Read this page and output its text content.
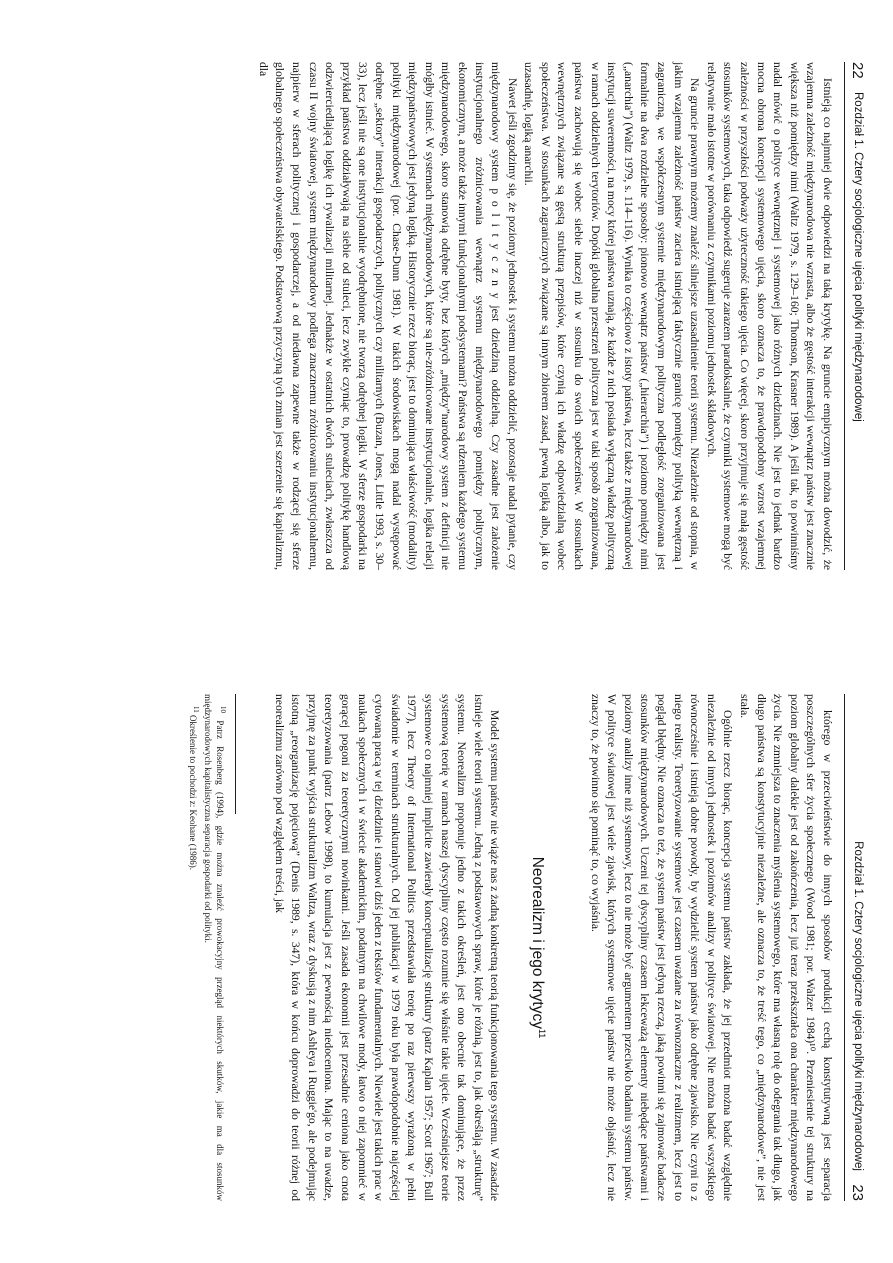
22
Rozdział 1. Cztery socjologiczne ujęcia polityki międzynarodowej

Istnieją co najmniej dwie odpowiedzi na taką krytykę. Na gruncie empirycznym można dowodzić, że wzajemna zależność międzynarodowa nie wzrasta, albo że gęstość interakcji wewnątrz państw jest znacznie większa niż pomiędzy nimi (Waltz 1979, s. 129–160; Thomson, Krasner 1989). A jeśli tak, to powinniśmy nadal mówić o polityce wewnętrznej i systemowej jako różnych dziedzinach. Nie jest to jednak bardzo mocna obrona koncepcji systemowego ujęcia, skoro oznacza to, że prawdopodobny wzrost wzajemnej zależności w przyszłości podważy użyteczność takiego ujęcia. Co więcej, skoro przyjmuje się małą gęstość stosunków systemowych, taka odpowiedź sugeruje zarazem paradoksalnie, że czynniki systemowe mogą być relatywnie mało istotne w porównaniu z czynnikami poziomu jednostek składowych.

Na gruncie prawnym możemy znaleźć silniejsze uzasadnienie teorii systemu. Niezależnie od stopnia, w jakim wzajemna zależność państw zaciera istniejącą faktycznie granicę pomiędzy polityką wewnętrzną i zagraniczną, we współczesnym systemie międzynarodowym polityczna podległość zorganizowana jest formalnie na dwa rozdzielne sposoby: pionowo wewnątrz państw („hierarchia”) i poziomo pomiędzy nimi („anarchia”) (Waltz 1979, s. 114–116). Wynika to częściowo z istoty państwa, lecz także z międzynarodowej instytucji suwerenności, na mocy której państwa uznają, że każde z nich posiada wyłączną władzę polityczną w ramach oddzielnych terytoriów. Dopóki globalna przestrzeń polityczna jest w taki sposób zorganizowana, państwa zachowują się wobec siebie inaczej niż w stosunku do swoich społeczeństw. W stosunkach wewnętrznych związane są gęstą strukturą przepisów, które czynią ich władzę odpowiedzialną wobec społeczeństwa. W stosunkach zagranicznych związane są innym zbiorem zasad, pewną logiką albo, jak to uzasadnię, logiką anarchii.

Nawet jeśli zgodzimy się, że poziomy jednostek i systemu można oddzielić, pozostaje nadal pytanie, czy międzynarodowy system p o l i t y c z n y jest dziedziną oddzielną. Czy zasadne jest założenie instytucjonalnego zróżnicowania wewnątrz systemu międzynarodowego pomiędzy politycznym, ekonomicznym, a może także innymi funkcjonalnymi podsystemami? Państwa są rdzeniem każdego systemu międzynarodowego, skoro stanowią odrębne byty, bez których „między”narodowy system z definicji nie mógłby istnieć. W systemach międzynarodowych, które są nie-zróżnicowane instytucjonalnie, logika relacji międzypaństwowych jest jedyną logiką. Historycznie rzecz biorąc, jest to dominująca właściwość (modality) polityki międzynarodowej (por. Chase-Dunn 1981). W takich środowiskach mogą nadal występować odrębne „sektory” interakcji gospodarczych, politycznych czy militarnych (Buzan, Jones, Little 1993, s. 30–33), lecz jeśli nie są one instytucjonalnie wyodrębnione, nie tworzą odrębnej logiki. W sferze gospodarki na przykład państwa oddziaływają na siebie od stuleci, lecz zwykle czyniąc to, prowadzę politykę handlową odzwierciedlającą logikę ich rywalizacji militarnej. Jednakże w ostatnich dwóch stuleciach, zwłaszcza od czasu II wojny światowej, system międzynarodowy podlega znacznemu zróżnicowaniu instytucjonalnemu, najpierw w sferach politycznej i gospodarczej, a od niedawna zapewne także w rodzącej się sferze globalnego społeczeństwa obywatelskiego. Podstawową przyczyną tych zmian jest szerzenie się kapitalizmu, dla

Rozdział 1. Cztery socjologiczne ujęcia polityki międzynarodowej
23

którego w przeciwieństwie do innych sposobów produkcji cechą konstytutywną jest separacja poszczególnych sfer życia społecznego (Wood 1981; por. Walzer 1984)¹⁰. Przeniesienie tej struktury na poziom globalny dalekie jest od zakończenia, lecz już teraz przekształca ona charakter międzynarodowego życia. Nie zmniejsza to znaczenia myślenia systemowego, które ma własną rolę do odegrania tak długo, jak długo państwa są konstytucyjnie niezależne, ale oznacza to, że treść tego, co „międzynarodowe”, nie jest stała.

Ogólnie rzecz biorąc, koncepcja systemu państw zakłada, że jej przedmiot można badać względnie niezależnie od innych jednostek i poziomów analizy w polityce światowej. Nie można badać wszystkiego równocześnie i istnieją dobre powody, by wydzielić system państw jako odrębne zjawisko. Nie czyni to z niego realisty. Teoretyzowanie systemowe jest czasem uważane za równoznaczne z realizmem, lecz jest to pogląd błędny. Nie oznacza to też, że system państw jest jedyną rzeczą, jaką powinni się zajmować badacze stosunków międzynarodowych. Uczeni tej dyscypliny czasem lekceważą elementy niebędące państwami i poziomy analizy inne niż systemowy, lecz to nie może być argumentem przeciwko badaniu systemu państw. W polityce światowej jest wiele zjawisk, których systemowe ujęcie państw nie może objaśnić, lecz nie znaczy to, że powinno się pominąć to, co wyjaśnia.

Neorealizm i jego krytycy$^{11}$

Model systemu państw nie wiąże nas z żadną konkretną teorią funkcjonowania tego systemu. W zasadzie istnieje wiele teorii systemu. Jedną z podstawowych spraw, które je różnią, jest to, jak określają „strukturę” systemu. Neorealizm proponuje jedno z takich określeń, jest ono obecnie tak dominujące, że przez systemową teorię w ramach naszej dyscypliny często rozumie się właśnie takie ujęcie. Wcześniejsze teorie systemowe co najmniej implicite zawierały konceptualizację struktury (patrz Kaplan 1957; Scott 1967; Bull 1977), lecz Theory of International Politics przedstawiała teorię po raz pierwszy wyrażoną w pełni świadomie w terminach strukturalnych. Od jej publikacji w 1979 roku była prawdopodobnie najczęściej cytowaną pracą w tej dziedzinie i stanowi dziś jeden z tekstów fundamentalnych. Niewiele jest takich prac w naukach społecznych i w świecie akademickim, podatnym na chwilowe mody, łatwo o niej zapomnieć w gorącej pogoni za teoretycznymi nowinkami. Jeśli zasada ekonomii jest przesadnie ceniona jako cnota teoretyzowania (patrz Lebow 1998), to kumulacja jest z pewnością niedoceniona. Mając to na uwadze, przyjmę za punkt wyjścia strukturalizm Waltza, wraz z dyskusją z nim Ashleya i Ruggie'go, ale podejmując istotną „reorganizację pojęciową” (Denis 1989, s. 347), która w końcu doprowadzi do teorii różnej od neorealizmu zarówno pod względem treści, jak

$^{10}$ Patrz Rosenberg (1994), gdzie można znaleźć prowokacyjny przegląd niektórych skutków, jakie ma dla stosunków międzynarodowych kapitalistyczna separacja gospodarki od polityki.

$^{11}$ Określenie to pochodzi z: Keohane (1986).
